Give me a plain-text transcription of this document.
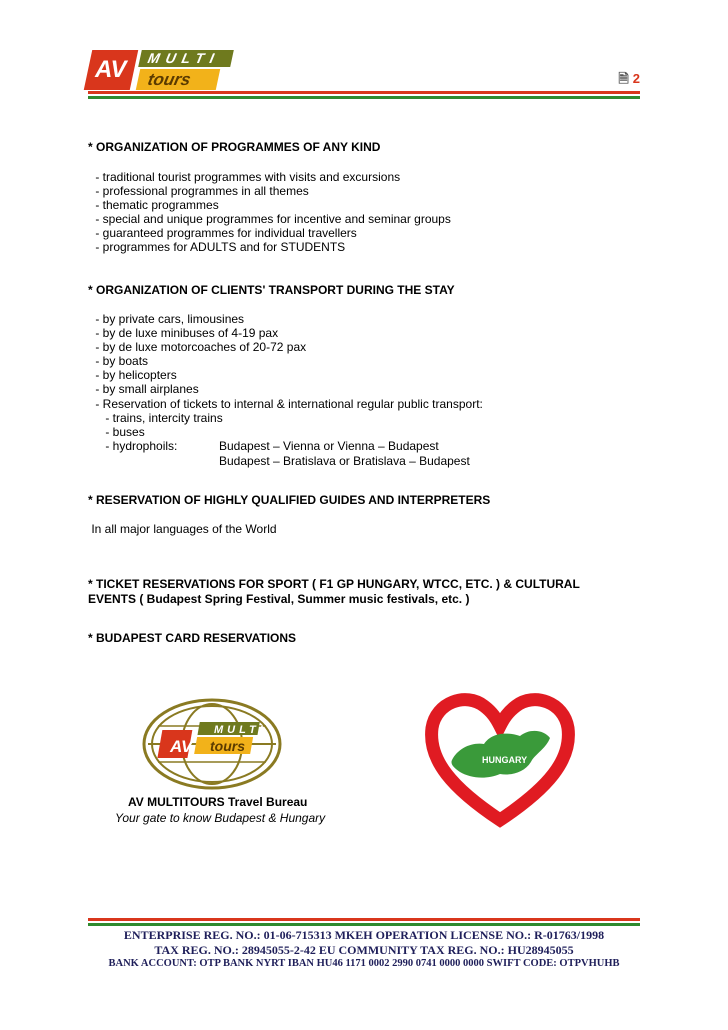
AV	MULTI
tours	🗎 2
* ORGANIZATION OF PROGRAMMES OF ANY KIND
- traditional tourist programmes with visits and excursions
- professional programmes in all themes
- thematic programmes
- special and unique programmes for incentive and seminar groups
- guaranteed programmes for individual travellers
- programmes for ADULTS and for STUDENTS
* ORGANIZATION OF CLIENTS' TRANSPORT DURING THE STAY
- by private cars, limousines
- by de luxe minibuses of 4-19 pax
- by de luxe motorcoaches of 20-72 pax
- by boats
- by helicopters
- by small airplanes
- Reservation of tickets to internal & international regular public transport:
- trains, intercity trains
- buses
- hydrophoils:	Budapest – Vienna or Vienna – Budapest
Budapest – Bratislava or Bratislava – Budapest
* RESERVATION OF HIGHLY QUALIFIED GUIDES AND INTERPRETERS
In all major languages of the World
* TICKET RESERVATIONS FOR SPORT ( F1 GP HUNGARY, WTCC, ETC. ) & CULTURAL
EVENTS ( Budapest Spring Festival, Summer music festivals, etc. )
* BUDAPEST CARD RESERVATIONS
AV
MULTI
tours
AV MULTITOURS Travel Bureau
Your gate to know Budapest & Hungary
HUNGARY
ENTERPRISE REG. NO.: 01-06-715313 MKEH OPERATION LICENSE NO.: R-01763/1998
TAX REG. NO.: 28945055-2-42 EU COMMUNITY TAX REG. NO.: HU28945055
BANK ACCOUNT: OTP BANK NYRT IBAN HU46 1171 0002 2990 0741 0000 0000 SWIFT CODE: OTPVHUHB
